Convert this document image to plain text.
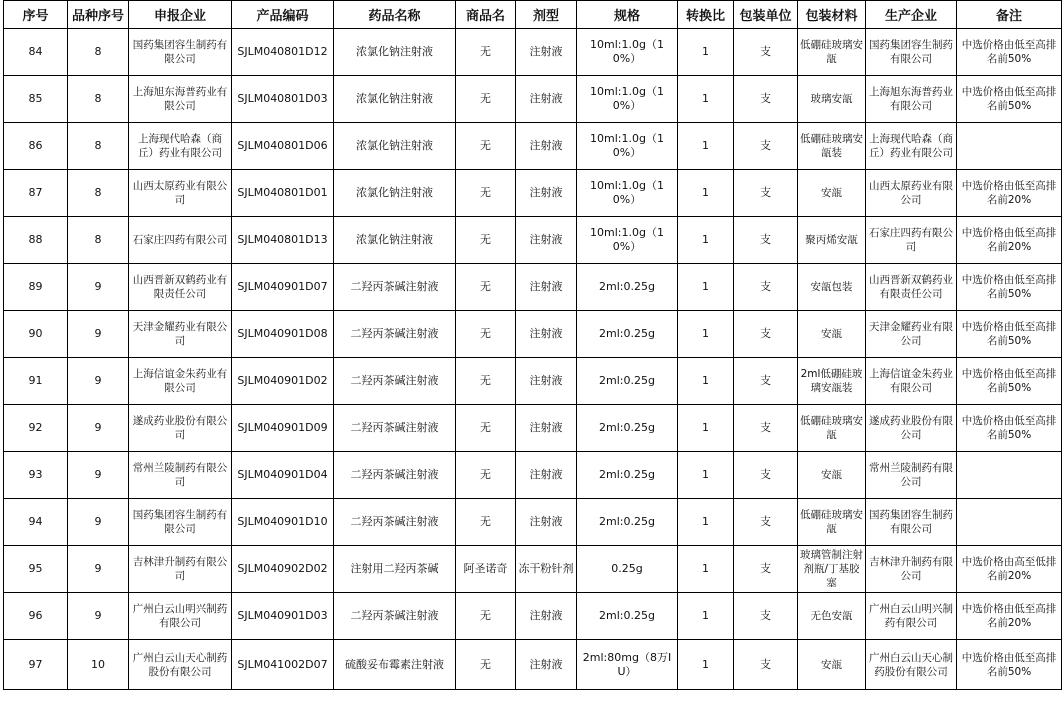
序号	品种序号	申报企业	产品编码	药品名称	商品名	剂型	规格	转换比	包装单位	包装材料	生产企业	备注
84	8	国药集团容生制药有限公司	SJLM040801D12	浓氯化钠注射液	无	注射液	10ml:1.0g（10%）	1	支	低硼硅玻璃安瓿	国药集团容生制药有限公司	中选价格由低至高排名前50%
85	8	上海旭东海普药业有限公司	SJLM040801D03	浓氯化钠注射液	无	注射液	10ml:1.0g（10%）	1	支	玻璃安瓿	上海旭东海普药业有限公司	中选价格由低至高排名前50%
86	8	上海现代哈森（商丘）药业有限公司	SJLM040801D06	浓氯化钠注射液	无	注射液	10ml:1.0g（10%）	1	支	低硼硅玻璃安瓿装	上海现代哈森（商丘）药业有限公司	
87	8	山西太原药业有限公司	SJLM040801D01	浓氯化钠注射液	无	注射液	10ml:1.0g（10%）	1	支	安瓿	山西太原药业有限公司	中选价格由低至高排名前20%
88	8	石家庄四药有限公司	SJLM040801D13	浓氯化钠注射液	无	注射液	10ml:1.0g（10%）	1	支	聚丙烯安瓿	石家庄四药有限公司	中选价格由低至高排名前20%
89	9	山西晋新双鹤药业有限责任公司	SJLM040901D07	二羟丙茶碱注射液	无	注射液	2ml:0.25g	1	支	安瓿包装	山西晋新双鹤药业有限责任公司	中选价格由低至高排名前50%
90	9	天津金耀药业有限公司	SJLM040901D08	二羟丙茶碱注射液	无	注射液	2ml:0.25g	1	支	安瓿	天津金耀药业有限公司	中选价格由低至高排名前50%
91	9	上海信谊金朱药业有限公司	SJLM040901D02	二羟丙茶碱注射液	无	注射液	2ml:0.25g	1	支	2ml低硼硅玻璃安瓿装	上海信谊金朱药业有限公司	中选价格由低至高排名前50%
92	9	遂成药业股份有限公司	SJLM040901D09	二羟丙茶碱注射液	无	注射液	2ml:0.25g	1	支	低硼硅玻璃安瓿	遂成药业股份有限公司	中选价格由低至高排名前50%
93	9	常州兰陵制药有限公司	SJLM040901D04	二羟丙茶碱注射液	无	注射液	2ml:0.25g	1	支	安瓿	常州兰陵制药有限公司	
94	9	国药集团容生制药有限公司	SJLM040901D10	二羟丙茶碱注射液	无	注射液	2ml:0.25g	1	支	低硼硅玻璃安瓿	国药集团容生制药有限公司	
95	9	吉林津升制药有限公司	SJLM040902D02	注射用二羟丙茶碱	阿圣诺奇	冻干粉针剂	0.25g	1	支	玻璃管制注射剂瓶/丁基胶塞	吉林津升制药有限公司	中选价格由高至低排名前20%
96	9	广州白云山明兴制药有限公司	SJLM040901D03	二羟丙茶碱注射液	无	注射液	2ml:0.25g	1	支	无色安瓿	广州白云山明兴制药有限公司	中选价格由低至高排名前20%
97	10	广州白云山天心制药股份有限公司	SJLM041002D07	硫酸妥布霉素注射液	无	注射液	2ml:80mg（8万IU）	1	支	安瓿	广州白云山天心制药股份有限公司	中选价格由低至高排名前50%
